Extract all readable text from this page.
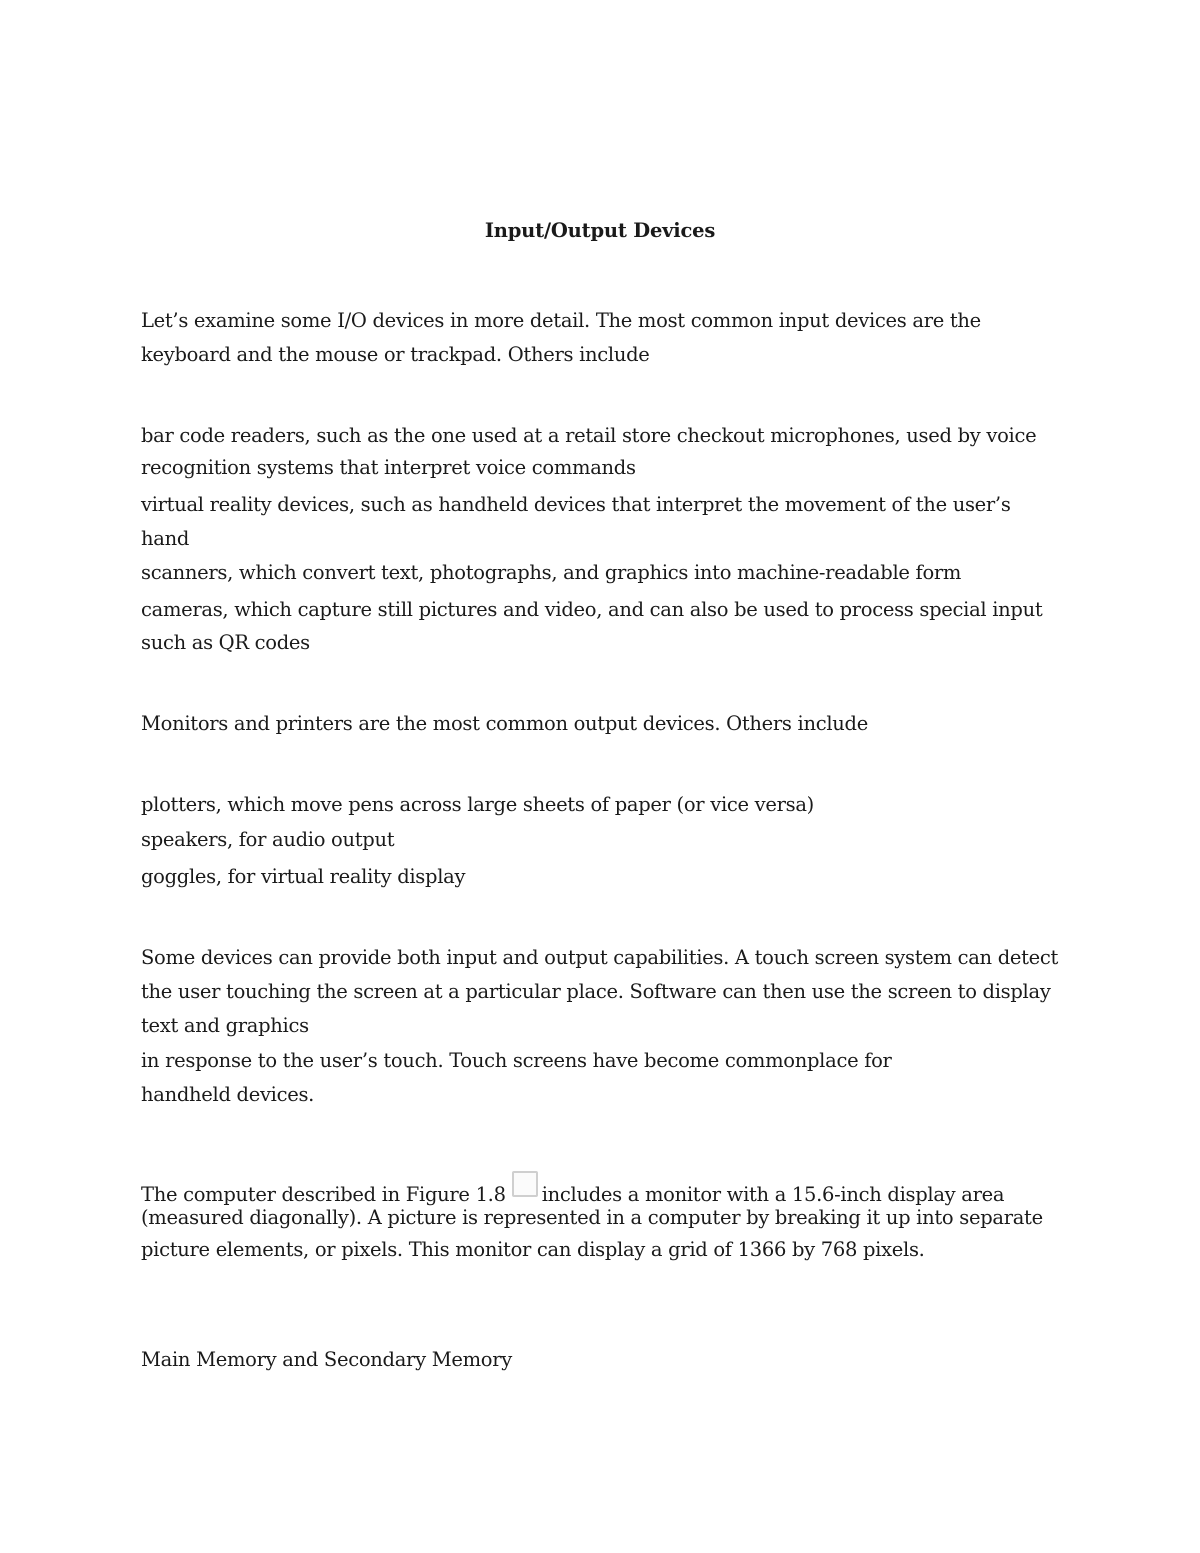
Input/Output Devices
Let’s examine some I/O devices in more detail. The most common input devices are the
keyboard and the mouse or trackpad. Others include
bar code readers, such as the one used at a retail store checkout microphones, used by voice
recognition systems that interpret voice commands
virtual reality devices, such as handheld devices that interpret the movement of the user’s
hand
scanners, which convert text, photographs, and graphics into machine-readable form
cameras, which capture still pictures and video, and can also be used to process special input
such as QR codes
Monitors and printers are the most common output devices. Others include
plotters, which move pens across large sheets of paper (or vice versa)
speakers, for audio output
goggles, for virtual reality display
Some devices can provide both input and output capabilities. A touch screen system can detect
the user touching the screen at a particular place. Software can then use the screen to display
text and graphics
in response to the user’s touch. Touch screens have become commonplace for
handheld devices.
The computer described in Figure 1.8 includes a monitor with a 15.6-inch display area
(measured diagonally). A picture is represented in a computer by breaking it up into separate
picture elements, or pixels. This monitor can display a grid of 1366 by 768 pixels.
Main Memory and Secondary Memory
